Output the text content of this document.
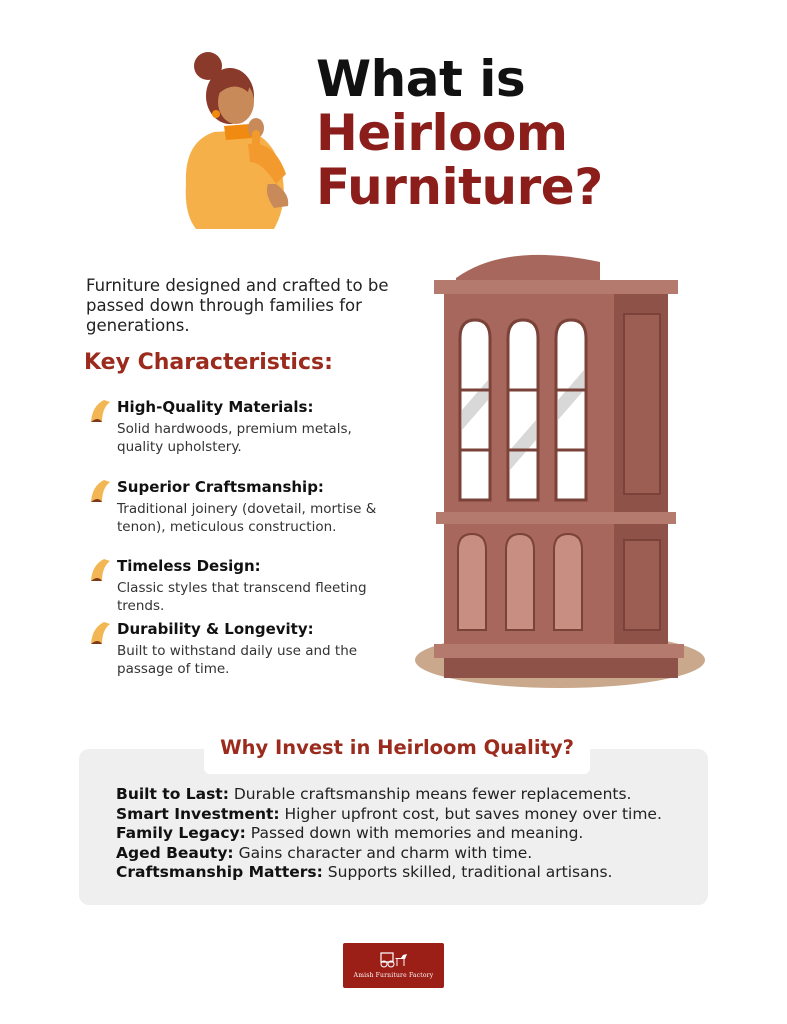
What is
Heirloom
Furniture?
Furniture designed and crafted to be passed down through families for generations.
Key Characteristics:
High-Quality Materials:
Solid hardwoods, premium metals, quality upholstery.
Superior Craftsmanship:
Traditional joinery (dovetail, mortise & tenon), meticulous construction.
Timeless Design:
Classic styles that transcend fleeting trends.
Durability & Longevity:
Built to withstand daily use and the passage of time.
Why Invest in Heirloom Quality?
Built to Last: Durable craftsmanship means fewer replacements.
Smart Investment: Higher upfront cost, but saves money over time.
Family Legacy: Passed down with memories and meaning.
Aged Beauty: Gains character and charm with time.
Craftsmanship Matters: Supports skilled, traditional artisans.
Amish Furniture Factory
